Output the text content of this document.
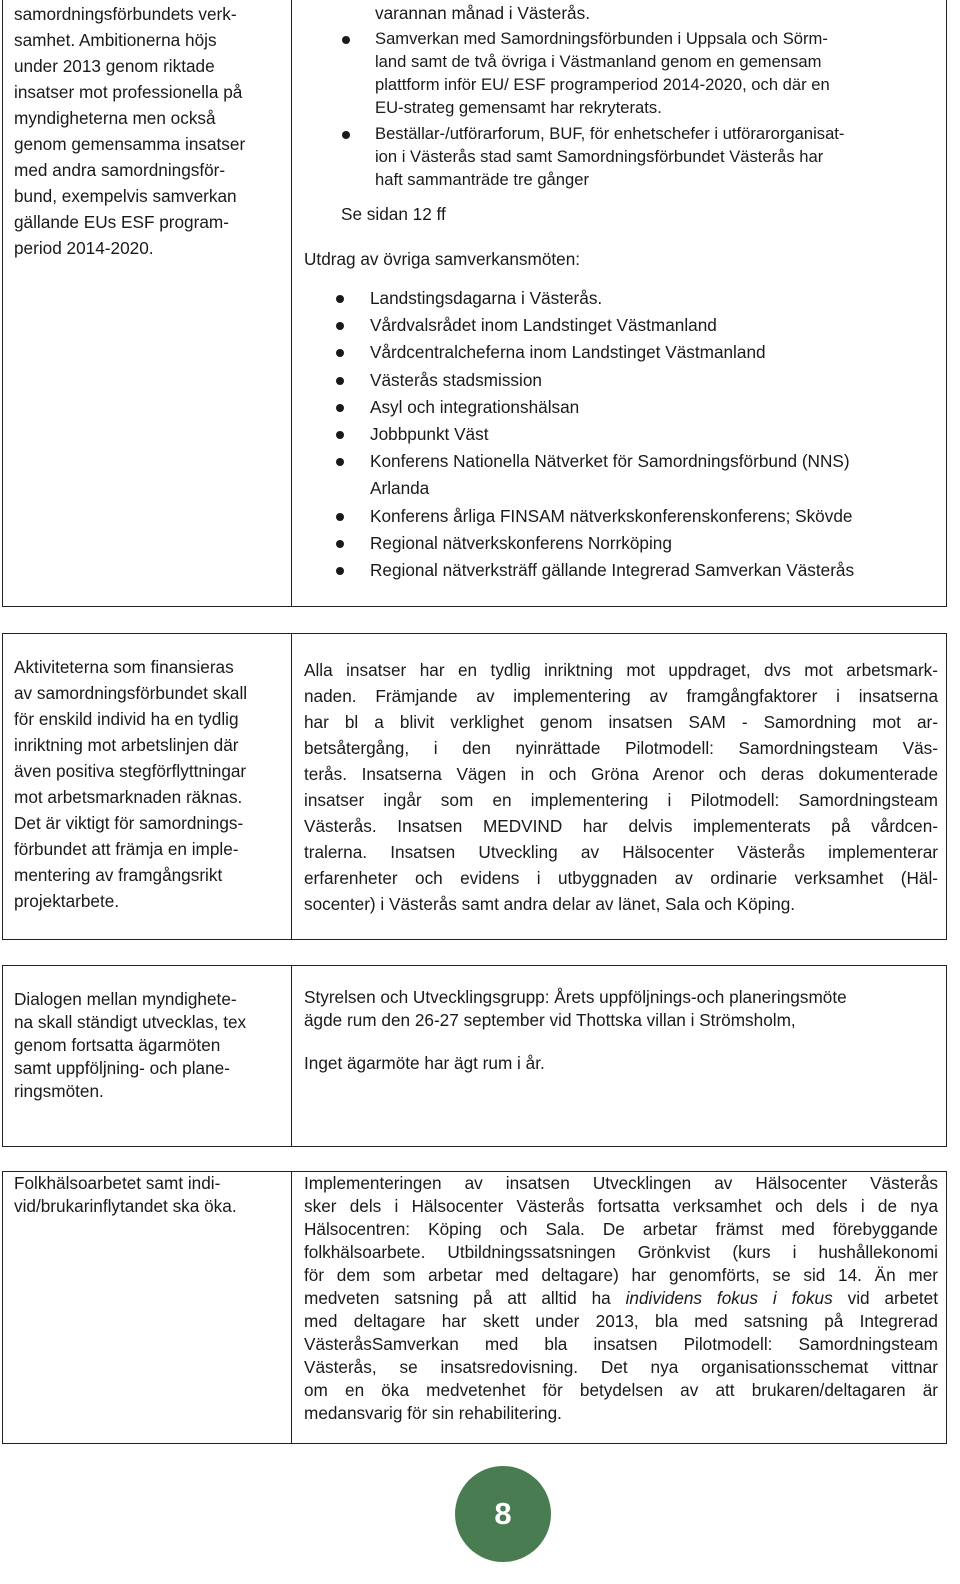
samordningsförbundets verk-
samhet. Ambitionerna höjs
under 2013 genom riktade
insatser mot professionella på
myndigheterna men också
genom gemensamma insatser
med andra samordningsför-
bund, exempelvis samverkan
gällande EUs ESF program-
period 2014-2020.
varannan månad i Västerås.
Samverkan med Samordningsförbunden i Uppsala och Sörm-
land samt de två övriga i Västmanland genom en gemensam
plattform inför EU/ ESF programperiod 2014-2020, och där en
EU-strateg gemensamt har rekryterats.
Beställar-/utförarforum, BUF, för enhetschefer i utförarorganisat-
ion i Västerås stad samt Samordningsförbundet Västerås har
haft sammanträde tre gånger
Se sidan 12 ff
Utdrag av övriga samverkansmöten:
Landstingsdagarna i Västerås.
Vårdvalsrådet inom Landstinget Västmanland
Vårdcentralcheferna inom Landstinget Västmanland
Västerås stadsmission
Asyl och integrationshälsan
Jobbpunkt Väst
Konferens Nationella Nätverket för Samordningsförbund (NNS)
Arlanda
Konferens årliga FINSAM nätverkskonferenskonferens; Skövde
Regional nätverkskonferens Norrköping
Regional nätverksträff gällande Integrerad Samverkan Västerås
Aktiviteterna som finansieras
av samordningsförbundet skall
för enskild individ ha en tydlig
inriktning mot arbetslinjen där
även positiva stegförflyttningar
mot arbetsmarknaden räknas.
Det är viktigt för samordnings-
förbundet att främja en imple-
mentering av framgångsrikt
projektarbete.
Alla insatser har en tydlig inriktning mot uppdraget, dvs mot arbetsmark-
naden. Främjande av implementering av framgångfaktorer i insatserna
har bl a blivit verklighet genom insatsen SAM - Samordning mot ar-
betsåtergång, i den nyinrättade Pilotmodell: Samordningsteam Väs-
terås. Insatserna Vägen in och Gröna Arenor och deras dokumenterade
insatser ingår som en implementering i Pilotmodell: Samordningsteam
Västerås. Insatsen MEDVIND har delvis implementerats på vårdcen-
tralerna. Insatsen Utveckling av Hälsocenter Västerås implementerar
erfarenheter och evidens i utbyggnaden av ordinarie verksamhet (Häl-
socenter) i Västerås samt andra delar av länet, Sala och Köping.
Dialogen mellan myndighete-
na skall ständigt utvecklas, tex
genom fortsatta ägarmöten
samt uppföljning- och plane-
ringsmöten.
Styrelsen och Utvecklingsgrupp: Årets uppföljnings-och planeringsmöte
ägde rum den 26-27 september vid Thottska villan i Strömsholm,
Inget ägarmöte har ägt rum i år.
Folkhälsoarbetet samt indi-
vid/brukarinflytandet ska öka.
Implementeringen av insatsen Utvecklingen av Hälsocenter Västerås
sker dels i Hälsocenter Västerås fortsatta verksamhet och dels i de nya
Hälsocentren: Köping och Sala. De arbetar främst med förebyggande
folkhälsoarbete. Utbildningssatsningen Grönkvist (kurs i hushållekonomi
för dem som arbetar med deltagare) har genomförts, se sid 14. Än mer
medveten satsning på att alltid ha individens fokus i fokus vid arbetet
med deltagare har skett under 2013, bla med satsning på Integrerad
VästeråsSamverkan med bla insatsen Pilotmodell: Samordningsteam
Västerås, se insatsredovisning. Det nya organisationsschemat vittnar
om en öka medvetenhet för betydelsen av att brukaren/deltagaren är
medansvarig för sin rehabilitering.
8
